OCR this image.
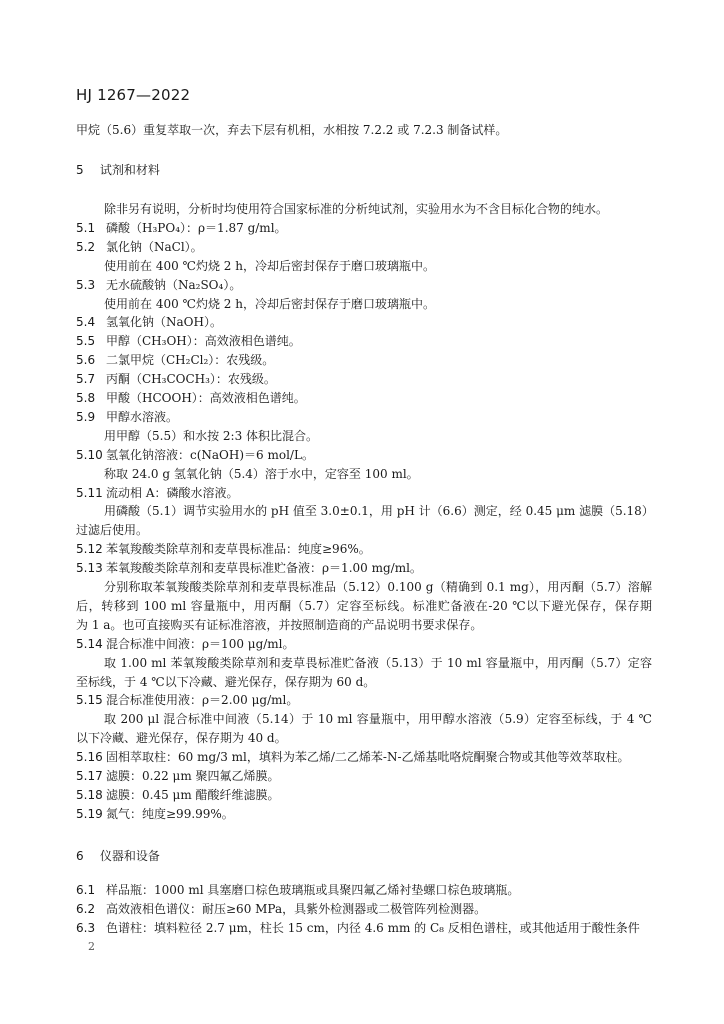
HJ 1267—2022
甲烷（5.6）重复萃取一次，弃去下层有机相，水相按 7.2.2 或 7.2.3 制备试样。
5 试剂和材料
除非另有说明，分析时均使用符合国家标准的分析纯试剂，实验用水为不含目标化合物的纯水。
5.1 磷酸（H₃PO₄）：ρ＝1.87 g/ml。
5.2 氯化钠（NaCl）。
使用前在 400 ℃灼烧 2 h，冷却后密封保存于磨口玻璃瓶中。
5.3 无水硫酸钠（Na₂SO₄）。
使用前在 400 ℃灼烧 2 h，冷却后密封保存于磨口玻璃瓶中。
5.4 氢氧化钠（NaOH）。
5.5 甲醇（CH₃OH）：高效液相色谱纯。
5.6 二氯甲烷（CH₂Cl₂）：农残级。
5.7 丙酮（CH₃COCH₃）：农残级。
5.8 甲酸（HCOOH）：高效液相色谱纯。
5.9 甲醇水溶液。
用甲醇（5.5）和水按 2:3 体积比混合。
5.10 氢氧化钠溶液：c(NaOH)＝6 mol/L。
称取 24.0 g 氢氧化钠（5.4）溶于水中，定容至 100 ml。
5.11 流动相 A：磷酸水溶液。
用磷酸（5.1）调节实验用水的 pH 值至 3.0±0.1，用 pH 计（6.6）测定，经 0.45 μm 滤膜（5.18）
过滤后使用。
5.12 苯氧羧酸类除草剂和麦草畏标准品：纯度≥96%。
5.13 苯氧羧酸类除草剂和麦草畏标准贮备液：ρ＝1.00 mg/ml。
分别称取苯氧羧酸类除草剂和麦草畏标准品（5.12）0.100 g（精确到 0.1 mg），用丙酮（5.7）溶解
后，转移到 100 ml 容量瓶中，用丙酮（5.7）定容至标线。标准贮备液在-20 ℃以下避光保存，保存期
为 1 a。也可直接购买有证标准溶液，并按照制造商的产品说明书要求保存。
5.14 混合标准中间液：ρ＝100 μg/ml。
取 1.00 ml 苯氧羧酸类除草剂和麦草畏标准贮备液（5.13）于 10 ml 容量瓶中，用丙酮（5.7）定容
至标线，于 4 ℃以下冷藏、避光保存，保存期为 60 d。
5.15 混合标准使用液：ρ＝2.00 μg/ml。
取 200 μl 混合标准中间液（5.14）于 10 ml 容量瓶中，用甲醇水溶液（5.9）定容至标线，于 4 ℃
以下冷藏、避光保存，保存期为 40 d。
5.16 固相萃取柱：60 mg/3 ml，填料为苯乙烯/二乙烯苯-N-乙烯基吡咯烷酮聚合物或其他等效萃取柱。
5.17 滤膜：0.22 μm 聚四氟乙烯膜。
5.18 滤膜：0.45 μm 醋酸纤维滤膜。
5.19 氮气：纯度≥99.99%。
6 仪器和设备
6.1 样品瓶：1000 ml 具塞磨口棕色玻璃瓶或具聚四氟乙烯衬垫螺口棕色玻璃瓶。
6.2 高效液相色谱仪：耐压≥60 MPa，具紫外检测器或二极管阵列检测器。
6.3 色谱柱：填料粒径 2.7 μm，柱长 15 cm，内径 4.6 mm 的 C₈ 反相色谱柱，或其他适用于酸性条件
2
